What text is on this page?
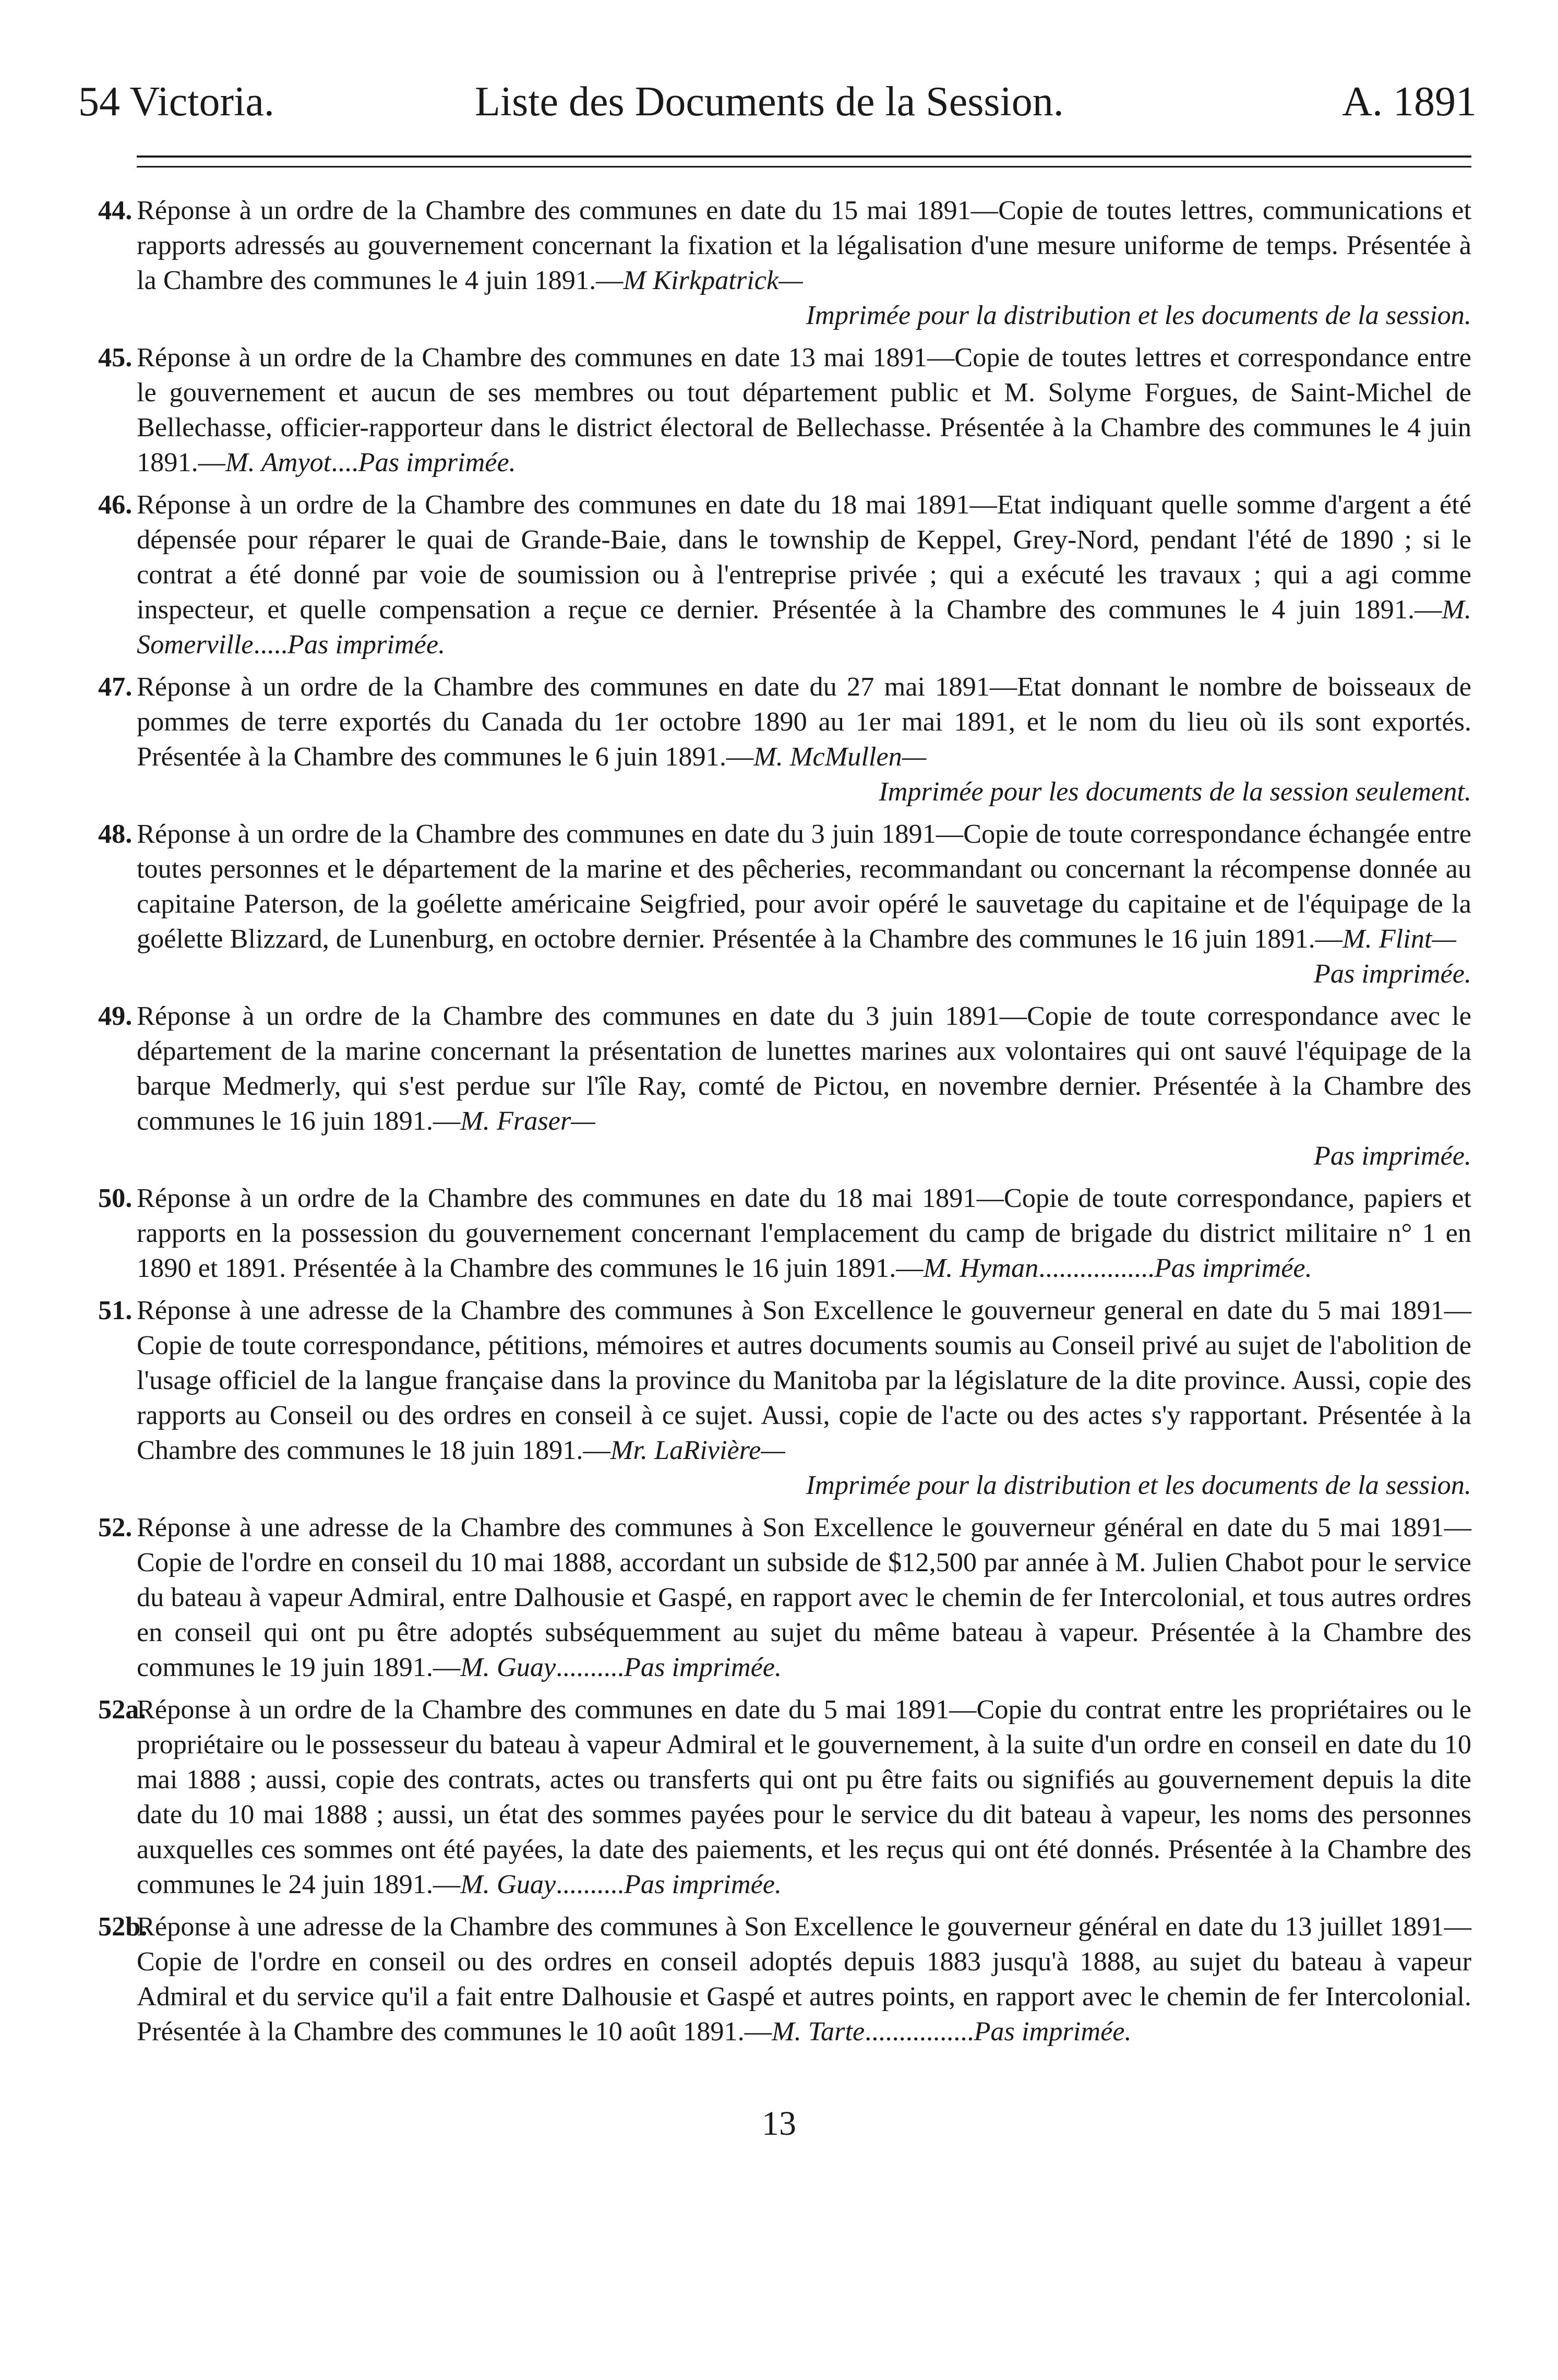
54 Victoria.	Liste des Documents de la Session.	A. 1891
44. Réponse à un ordre de la Chambre des communes en date du 15 mai 1891—Copie de toutes lettres, communications et rapports adressés au gouvernement concernant la fixation et la légalisation d'une mesure uniforme de temps. Présentée à la Chambre des communes le 4 juin 1891.—M Kirkpatrick—
Imprimée pour la distribution et les documents de la session.
45. Réponse à un ordre de la Chambre des communes en date 13 mai 1891—Copie de toutes lettres et correspondance entre le gouvernement et aucun de ses membres ou tout département public et M. Solyme Forgues, de Saint-Michel de Bellechasse, officier-rapporteur dans le district électoral de Bellechasse. Présentée à la Chambre des communes le 4 juin 1891.—M. Amyot....Pas imprimée.
46. Réponse à un ordre de la Chambre des communes en date du 18 mai 1891—Etat indiquant quelle somme d'argent a été dépensée pour réparer le quai de Grande-Baie, dans le township de Keppel, Grey-Nord, pendant l'été de 1890 ; si le contrat a été donné par voie de soumission ou à l'entreprise privée ; qui a exécuté les travaux ; qui a agi comme inspecteur, et quelle compensation a reçue ce dernier. Présentée à la Chambre des communes le 4 juin 1891.—M. Somerville.....Pas imprimée.
47. Réponse à un ordre de la Chambre des communes en date du 27 mai 1891—Etat donnant le nombre de boisseaux de pommes de terre exportés du Canada du 1er octobre 1890 au 1er mai 1891, et le nom du lieu où ils sont exportés. Présentée à la Chambre des communes le 6 juin 1891.—M. McMullen—
Imprimée pour les documents de la session seulement.
48. Réponse à un ordre de la Chambre des communes en date du 3 juin 1891—Copie de toute correspondance échangée entre toutes personnes et le département de la marine et des pêcheries, recommandant ou concernant la récompense donnée au capitaine Paterson, de la goélette américaine Seigfried, pour avoir opéré le sauvetage du capitaine et de l'équipage de la goélette Blizzard, de Lunenburg, en octobre dernier. Présentée à la Chambre des communes le 16 juin 1891.—M. Flint—
Pas imprimée.
49. Réponse à un ordre de la Chambre des communes en date du 3 juin 1891—Copie de toute correspondance avec le département de la marine concernant la présentation de lunettes marines aux volontaires qui ont sauvé l'équipage de la barque Medmerly, qui s'est perdue sur l'île Ray, comté de Pictou, en novembre dernier. Présentée à la Chambre des communes le 16 juin 1891.—M. Fraser—
Pas imprimée.
50. Réponse à un ordre de la Chambre des communes en date du 18 mai 1891—Copie de toute correspondance, papiers et rapports en la possession du gouvernement concernant l'emplacement du camp de brigade du district militaire n° 1 en 1890 et 1891. Présentée à la Chambre des communes le 16 juin 1891.—M. Hyman.................Pas imprimée.
51. Réponse à une adresse de la Chambre des communes à Son Excellence le gouverneur general en date du 5 mai 1891—Copie de toute correspondance, pétitions, mémoires et autres documents soumis au Conseil privé au sujet de l'abolition de l'usage officiel de la langue française dans la province du Manitoba par la législature de la dite province. Aussi, copie des rapports au Conseil ou des ordres en conseil à ce sujet. Aussi, copie de l'acte ou des actes s'y rapportant. Présentée à la Chambre des communes le 18 juin 1891.—Mr. LaRivière—
Imprimée pour la distribution et les documents de la session.
52. Réponse à une adresse de la Chambre des communes à Son Excellence le gouverneur général en date du 5 mai 1891—Copie de l'ordre en conseil du 10 mai 1888, accordant un subside de $12,500 par année à M. Julien Chabot pour le service du bateau à vapeur Admiral, entre Dalhousie et Gaspé, en rapport avec le chemin de fer Intercolonial, et tous autres ordres en conseil qui ont pu être adoptés subséquemment au sujet du même bateau à vapeur. Présentée à la Chambre des communes le 19 juin 1891.—M. Guay..........Pas imprimée.
52a.
Réponse à un ordre de la Chambre des communes en date du 5 mai 1891—Copie du contrat entre les propriétaires ou le propriétaire ou le possesseur du bateau à vapeur Admiral et le gouvernement, à la suite d'un ordre en conseil en date du 10 mai 1888 ; aussi, copie des contrats, actes ou transferts qui ont pu être faits ou signifiés au gouvernement depuis la dite date du 10 mai 1888 ; aussi, un état des sommes payées pour le service du dit bateau à vapeur, les noms des personnes auxquelles ces sommes ont été payées, la date des paiements, et les reçus qui ont été donnés. Présentée à la Chambre des communes le 24 juin 1891.—M. Guay..........Pas imprimée.
52b.
Réponse à une adresse de la Chambre des communes à Son Excellence le gouverneur général en date du 13 juillet 1891—Copie de l'ordre en conseil ou des ordres en conseil adoptés depuis 1883 jusqu'à 1888, au sujet du bateau à vapeur Admiral et du service qu'il a fait entre Dalhousie et Gaspé et autres points, en rapport avec le chemin de fer Intercolonial. Présentée à la Chambre des communes le 10 août 1891.—M. Tarte................Pas imprimée.
13
